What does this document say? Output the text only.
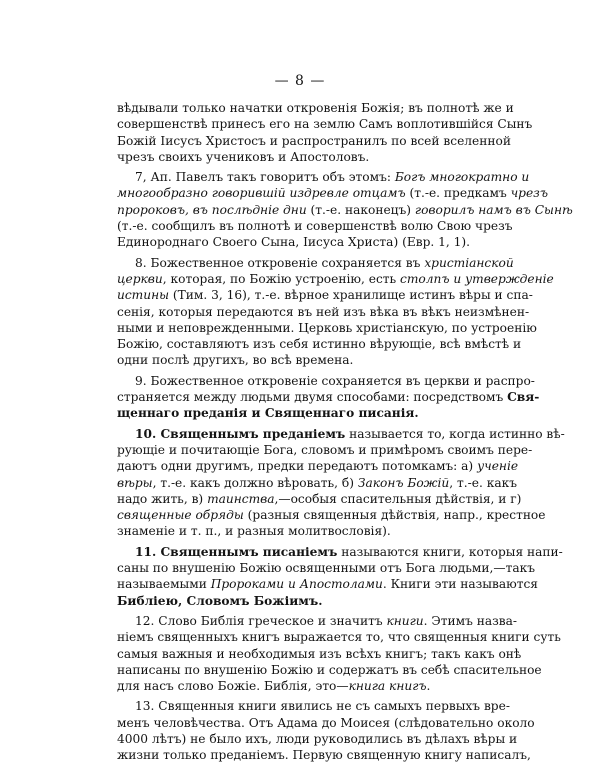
— 8 —
вѣдывали только начатки откровенія Божія; въ полнотѣ же и
совершенствѣ принесъ его на землю Самъ воплотившійся Сынъ
Божій Іисусъ Христосъ и распространилъ по всей вселенной
чрезъ своихъ учениковъ и Апостоловъ.
7, Ап. Павелъ такъ говоритъ объ этомъ: Богъ многократно и
многообразно говорившій издревле отцамъ (т.-е. предкамъ чрезъ
пророковъ, въ послѣдніе дни (т.-е. наконецъ) говорилъ намъ въ Сынѣ
(т.-е. сообщилъ въ полнотѣ и совершенствѣ волю Свою чрезъ
Единороднаго Своего Сына, Іисуса Христа) (Евр. 1, 1).
8. Божественное откровеніе сохраняется въ христіанской
церкви, которая, по Божію устроенію, есть столпъ и утвержденіе
истины (Тим. 3, 16), т.-е. вѣрное хранилище истинъ вѣры и спа-
сенія, которыя передаются въ ней изъ вѣка въ вѣкъ неизмѣнен-
ными и неповрежденными. Церковь христіанскую, по устроенію
Божію, составляютъ изъ себя истинно вѣрующіе, всѣ вмѣстѣ и
одни послѣ другихъ, во всѣ времена.
9. Божественное откровеніе сохраняется въ церкви и распро-
страняется между людьми двумя способами: посредствомъ Свя-
щеннаго преданія и Священнаго писанія.
10. Священнымъ преданіемъ называется то, когда истинно вѣ-
рующіе и почитающіе Бога, словомъ и примѣромъ своимъ пере-
даютъ одни другимъ, предки передаютъ потомкамъ: а) ученіе
вѣры, т.-е. какъ должно вѣровать, б) Законъ Божій, т.-е. какъ
надо жить, в) таинства,—особыя спасительныя дѣйствія, и г)
священные обряды (разныя священныя дѣйствія, напр., крестное
знаменіе и т. п., и разныя молитвословія).
11. Священнымъ писаніемъ называются книги, которыя напи-
саны по внушенію Божію освященными отъ Бога людьми,—такъ
называемыми Пророками и Апостолами. Книги эти называются
Библіею, Словомъ Божіимъ.
12. Слово Библія греческое и значитъ книги. Этимъ назва-
ніемъ священныхъ книгъ выражается то, что священныя книги суть
самыя важныя и необходимыя изъ всѣхъ книгъ; такъ какъ онѣ
написаны по внушенію Божію и содержатъ въ себѣ спасительное
для насъ слово Божіе. Библія, это—книга книгъ.
13. Священныя книги явились не съ самыхъ первыхъ вре-
менъ человѣчества. Отъ Адама до Моисея (слѣдовательно около
4000 лѣтъ) не было ихъ, люди руководились въ дѣлахъ вѣры и
жизни только преданіемъ. Первую священную книгу написалъ,
